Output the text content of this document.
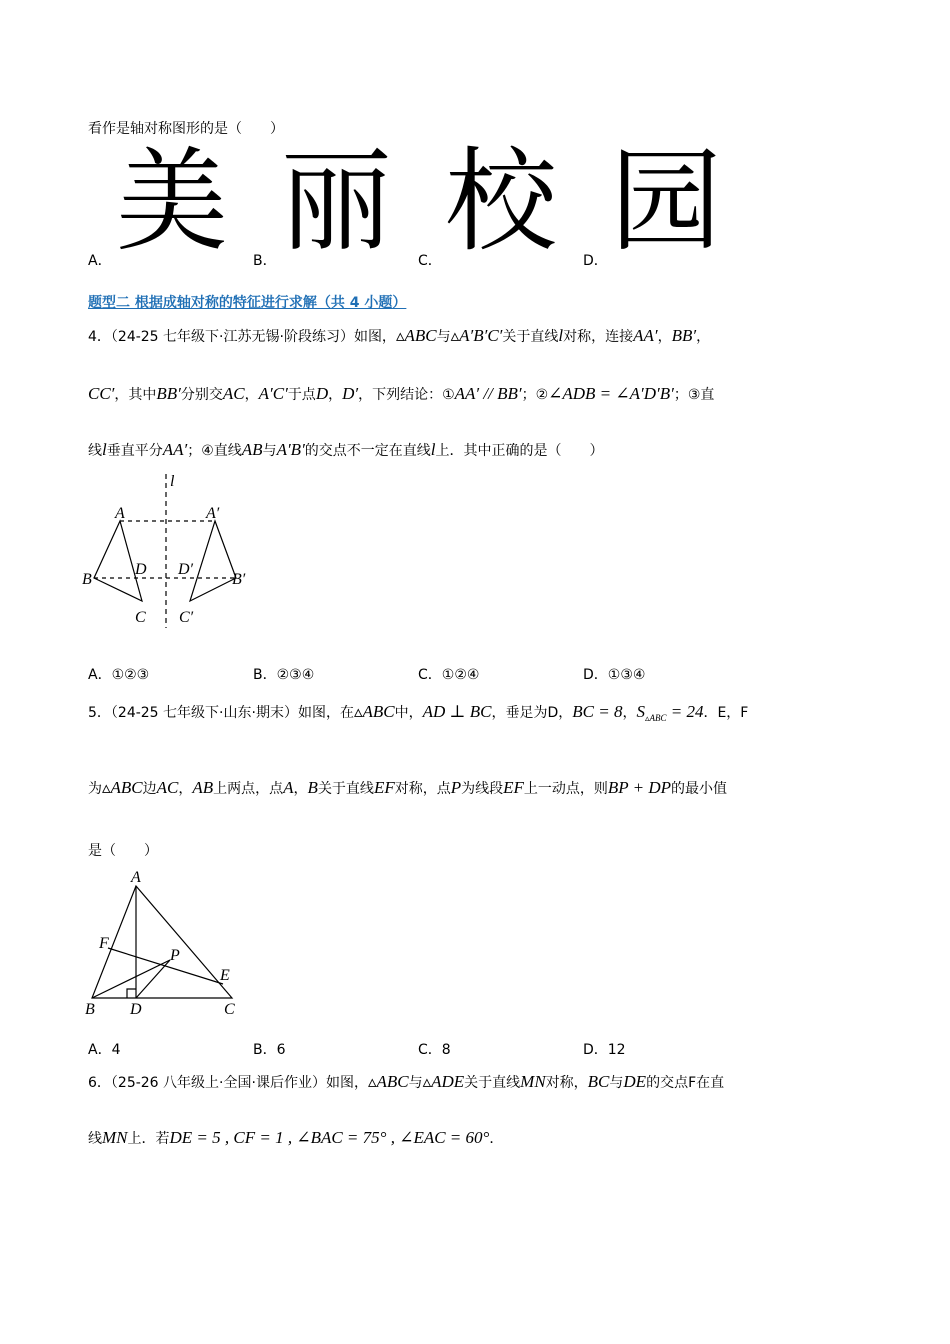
看作是轴对称图形的是（　　）
美 丽 校 园
A．	B．	C．	D．
题型二 根据成轴对称的特征进行求解（共 4 小题）
4．（24-25 七年级下·江苏无锡·阶段练习）如图，▵ABC与▵A′B′C′关于直线l对称，连接AA′，BB′，
CC′，其中BB′分别交AC，A′C′于点D，D′，下列结论：①AA′ // BB′；②∠ADB = ∠A′D′B′；③直
线l垂直平分AA′；④直线AB与A′B′的交点不一定在直线l上．其中正确的是（　　）
l
A	A′
B	B′
C C′
D D′
A．①②③	B．②③④	C．①②④	D．①③④
5．（24-25 七年级下·山东·期末）如图，在▵ABC中，AD ⊥ BC，垂足为D，BC = 8，$S_{▵ABC} = 24$．E，F
为▵ABC边AC，AB上两点，点A，B关于直线EF对称，点P为线段EF上一动点，则BP + DP的最小值
是（　　）
A
B	C
D
E
F
P
A．4	B．6	C．8	D．12
6．（25-26 八年级上·全国·课后作业）如图，▵ABC与▵ADE关于直线MN对称，BC与DE的交点F在直
线MN上．若DE = 5 , CF = 1 , ∠BAC = 75° , ∠EAC = 60°．
